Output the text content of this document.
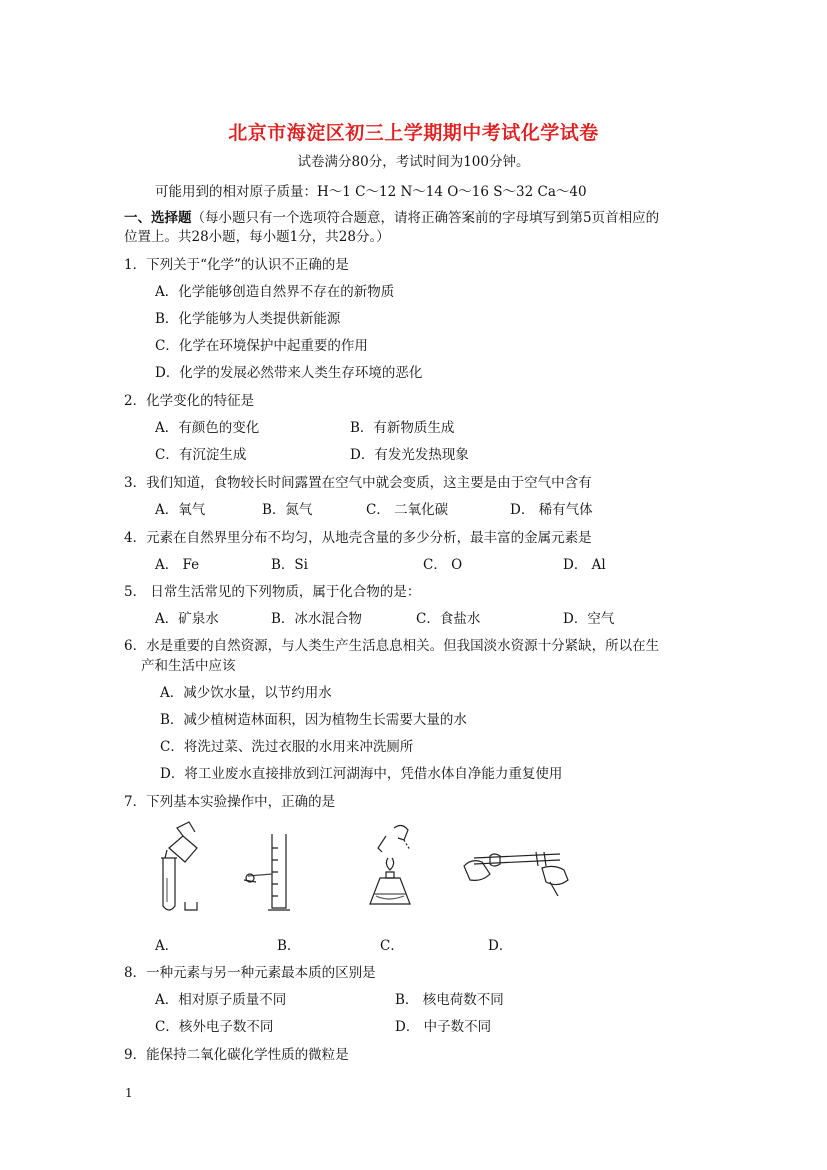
北京市海淀区初三上学期期中考试化学试卷
试卷满分80分，考试时间为100分钟。
可能用到的相对原子质量：H～1 C～12 N～14 O～16 S～32 Ca～40
一、选择题（每小题只有一个选项符合题意，请将正确答案前的字母填写到第5页首相应的
位置上。共28小题，每小题1分，共28分。）
1．下列关于“化学”的认识不正确的是
A．化学能够创造自然界不存在的新物质
B．化学能够为人类提供新能源
C．化学在环境保护中起重要的作用
D．化学的发展必然带来人类生存环境的恶化
2．化学变化的特征是
A．有颜色的变化	B．有新物质生成
C．有沉淀生成	D．有发光发热现象
3．我们知道，食物较长时间露置在空气中就会变质，这主要是由于空气中含有
A．氧气	B．氮气	C． 二氧化碳	D． 稀有气体
4．元素在自然界里分布不均匀，从地壳含量的多少分析，最丰富的金属元素是
A． Fe	B．Si	C． O	D． Al
5． 日常生活常见的下列物质，属于化合物的是：
A．矿泉水	B．冰水混合物	C．食盐水	D．空气
6．水是重要的自然资源，与人类生产生活息息相关。但我国淡水资源十分紧缺，所以在生
产和生活中应该
A．减少饮水量，以节约用水
B．减少植树造林面积，因为植物生长需要大量的水
C．将洗过菜、洗过衣服的水用来冲洗厕所
D．将工业废水直接排放到江河湖海中，凭借水体自净能力重复使用
7．下列基本实验操作中，正确的是
A．	B．	C．	D．
8．一种元素与另一种元素最本质的区别是
A．相对原子质量不同	B． 核电荷数不同
C．核外电子数不同	D． 中子数不同
9．能保持二氧化碳化学性质的微粒是
1
